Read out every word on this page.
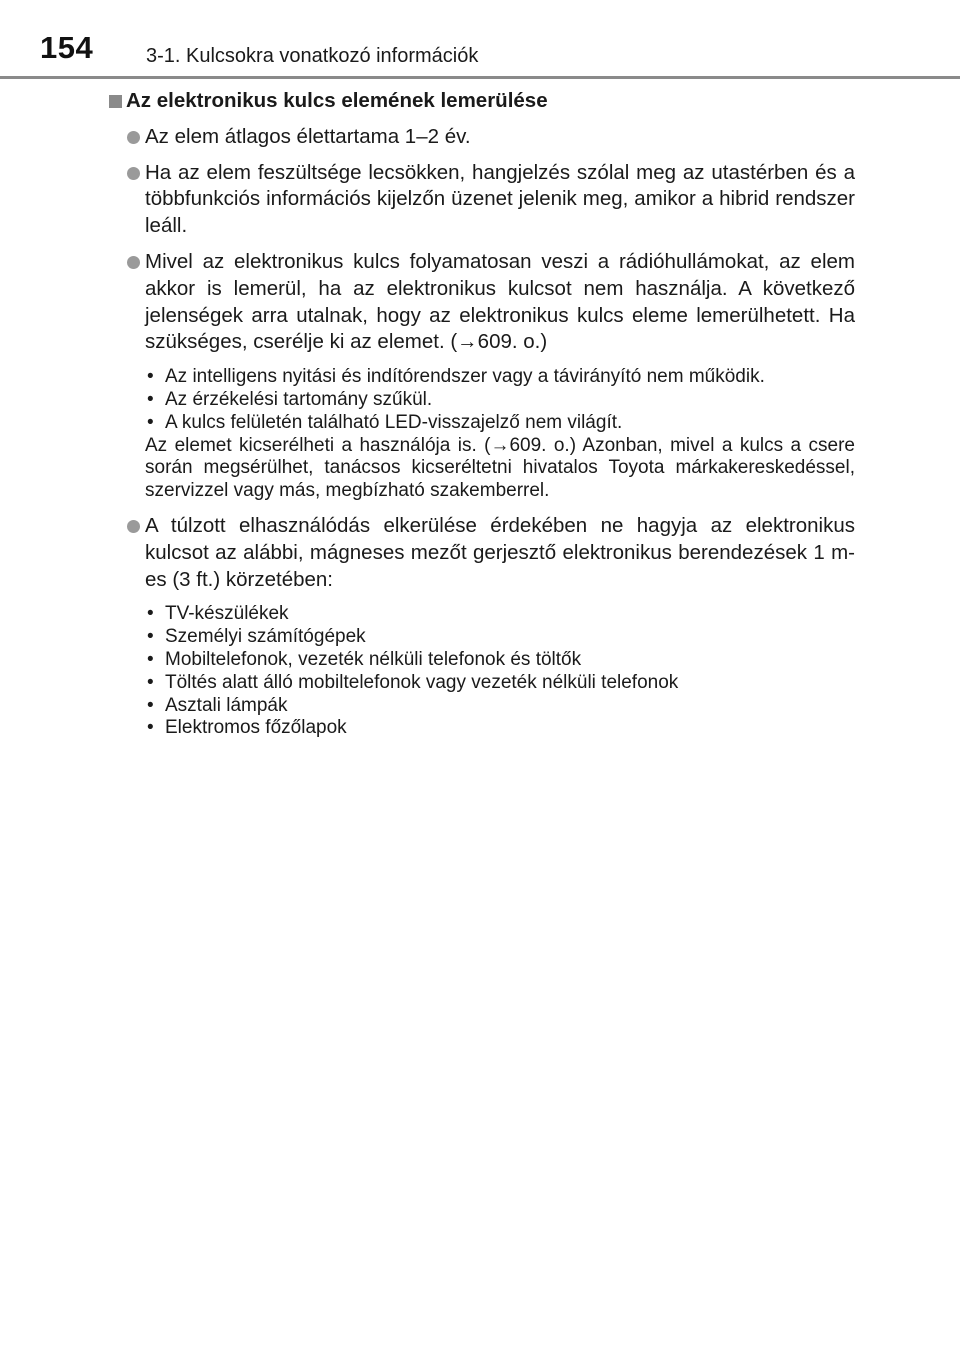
154	3-1. Kulcsokra vonatkozó információk
Az elektronikus kulcs elemének lemerülése
Az elem átlagos élettartama 1–2 év.
Ha az elem feszültsége lecsökken, hangjelzés szólal meg az utastérben és a többfunkciós információs kijelzőn üzenet jelenik meg, amikor a hibrid rendszer leáll.
Mivel az elektronikus kulcs folyamatosan veszi a rádióhullámokat, az elem akkor is lemerül, ha az elektronikus kulcsot nem használja. A következő jelenségek arra utalnak, hogy az elektronikus kulcs eleme lemerülhetett. Ha szükséges, cserélje ki az elemet. (→609. o.)
• Az intelligens nyitási és indítórendszer vagy a távirányító nem működik.
• Az érzékelési tartomány szűkül.
• A kulcs felületén található LED-visszajelző nem világít.
Az elemet kicserélheti a használója is. (→609. o.) Azonban, mivel a kulcs a csere során megsérülhet, tanácsos kicseréltetni hivatalos Toyota márkakereskedéssel, szervizzel vagy más, megbízható szakemberrel.
A túlzott elhasználódás elkerülése érdekében ne hagyja az elektronikus kulcsot az alábbi, mágneses mezőt gerjesztő elektronikus berendezések 1 m-es (3 ft.) körzetében:
• TV-készülékek
• Személyi számítógépek
• Mobiltelefonok, vezeték nélküli telefonok és töltők
• Töltés alatt álló mobiltelefonok vagy vezeték nélküli telefonok
• Asztali lámpák
• Elektromos főzőlapok
